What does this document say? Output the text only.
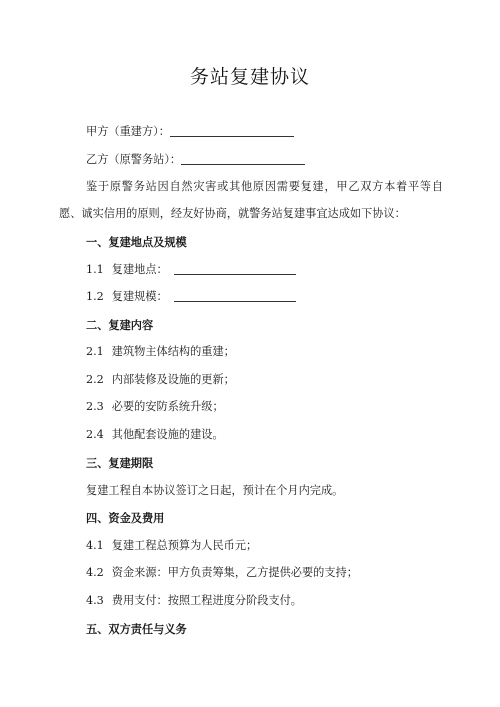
务站复建协议
甲方（重建方）：
乙方（原警务站）：
鉴于原警务站因自然灾害或其他原因需要复建，甲乙双方本着平等自
愿、诚实信用的原则，经友好协商，就警务站复建事宜达成如下协议：
一、复建地点及规模
1.1 复建地点：
1.2 复建规模：
二、复建内容
2.1 建筑物主体结构的重建；
2.2 内部装修及设施的更新；
2.3 必要的安防系统升级；
2.4 其他配套设施的建设。
三、复建期限
复建工程自本协议签订之日起，预计在个月内完成。
四、资金及费用
4.1 复建工程总预算为人民币元；
4.2 资金来源：甲方负责筹集，乙方提供必要的支持；
4.3 费用支付：按照工程进度分阶段支付。
五、双方责任与义务
